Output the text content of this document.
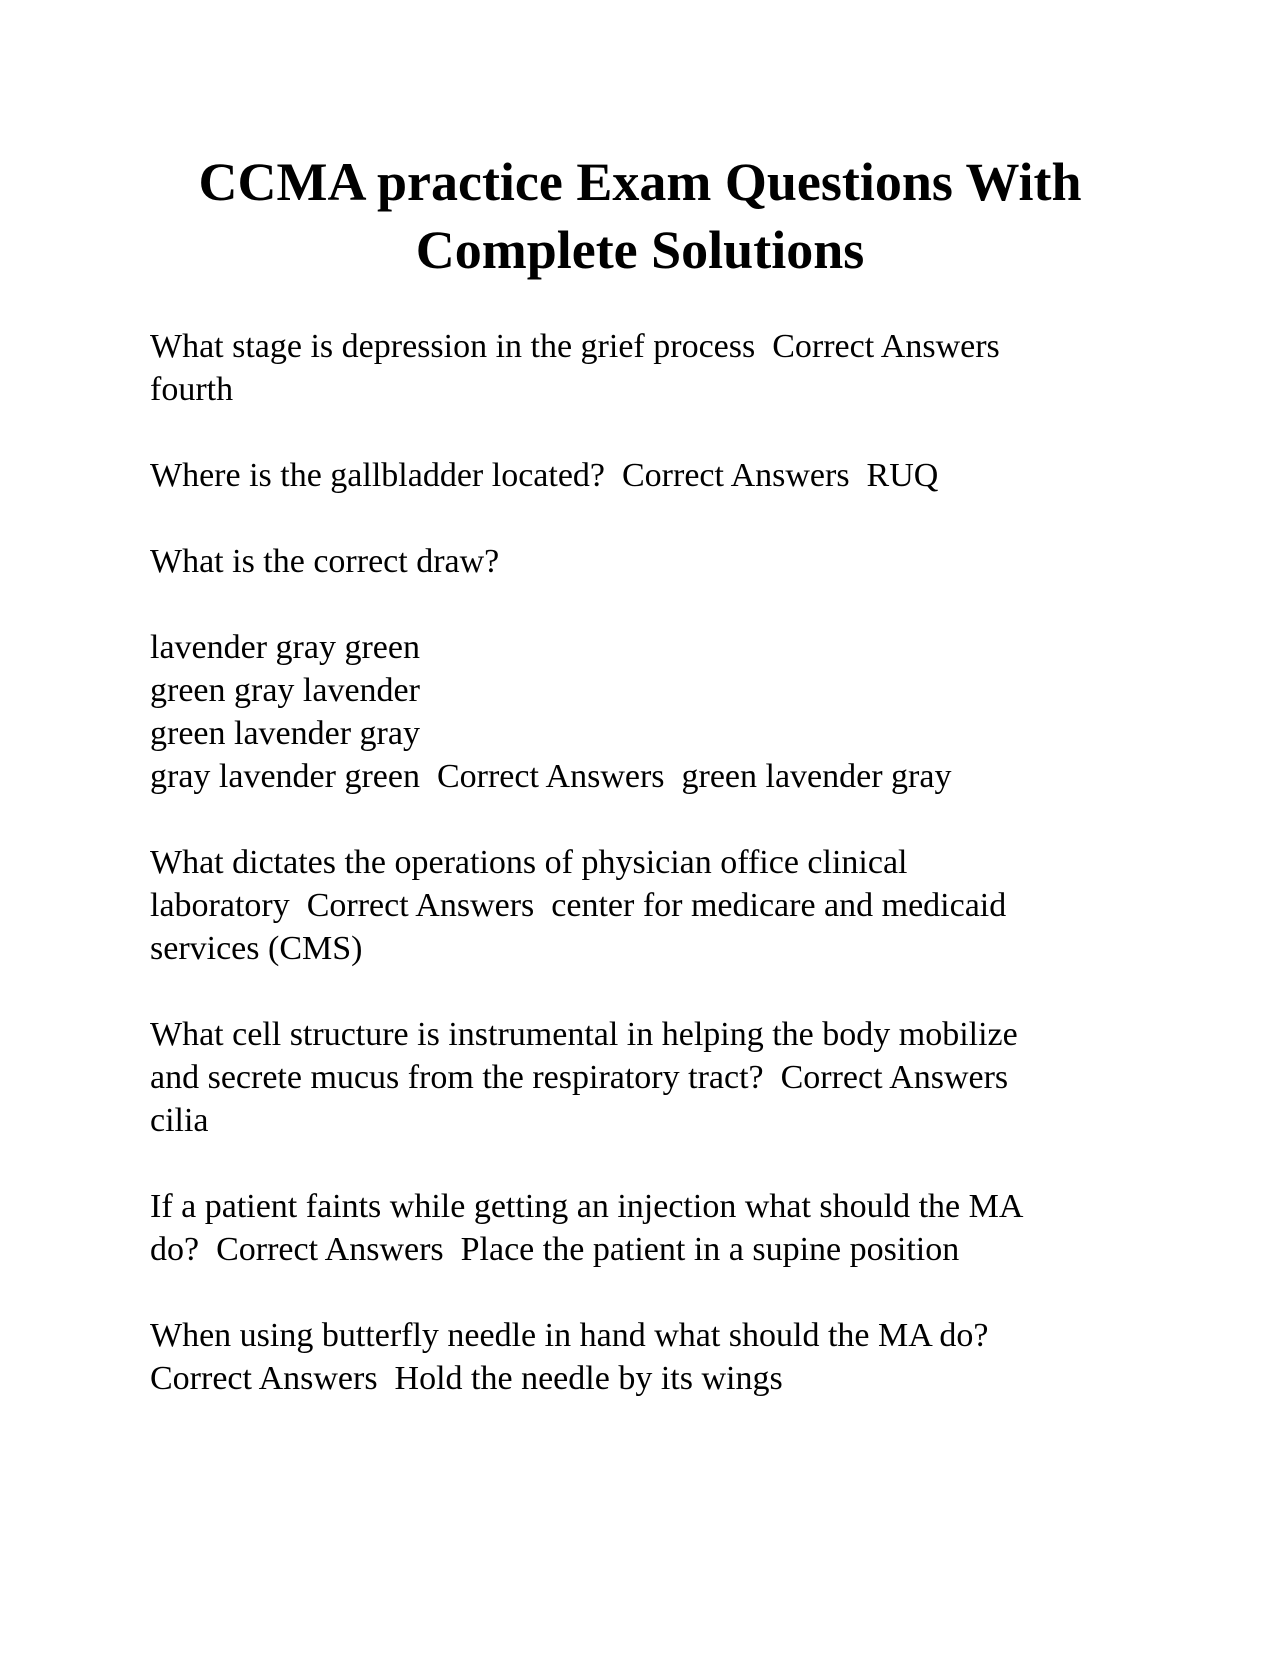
CCMA practice Exam Questions With
Complete Solutions

What stage is depression in the grief process  Correct Answers
fourth

Where is the gallbladder located?  Correct Answers  RUQ

What is the correct draw?

lavender gray green
green gray lavender
green lavender gray
gray lavender green  Correct Answers  green lavender gray

What dictates the operations of physician office clinical
laboratory  Correct Answers  center for medicare and medicaid
services (CMS)

What cell structure is instrumental in helping the body mobilize
and secrete mucus from the respiratory tract?  Correct Answers
cilia

If a patient faints while getting an injection what should the MA
do?  Correct Answers  Place the patient in a supine position

When using butterfly needle in hand what should the MA do?
Correct Answers  Hold the needle by its wings
